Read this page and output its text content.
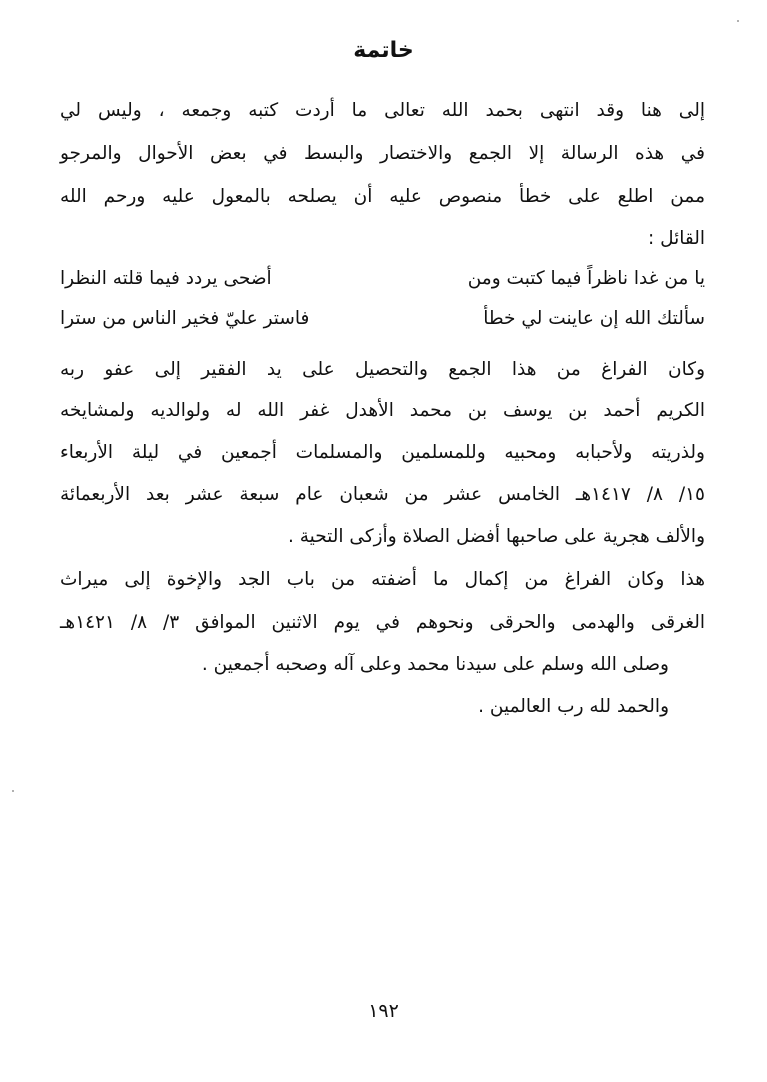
خاتمة
إلى هنا وقد انتهى بحمد الله تعالى ما أردت كتبه وجمعه ، وليس لي
في هذه الرسالة إلا الجمع والاختصار والبسط في بعض الأحوال والمرجو
ممن اطلع على خطأ منصوص عليه أن يصلحه بالمعول عليه ورحم الله
القائل :
يا من غدا ناظراً فيما كتبت ومن
أضحى يردد فيما قلته النظرا
سألتك الله إن عاينت لي خطأ
فاستر عليّ فخير الناس من سترا
وكان الفراغ من هذا الجمع والتحصيل على يد الفقير إلى عفو ربه
الكريم أحمد بن يوسف بن محمد الأهدل غفر الله له ولوالديه ولمشايخه
ولذريته ولأحبابه ومحبيه وللمسلمين والمسلمات أجمعين في ليلة الأربعاء
١٥/ ٨/ ١٤١٧هـ الخامس عشر من شعبان عام سبعة عشر بعد الأربعمائة
والألف هجرية على صاحبها أفضل الصلاة وأزكى التحية .
هذا وكان الفراغ من إكمال ما أضفته من باب الجد والإخوة إلى ميراث
الغرقى والهدمى والحرقى ونحوهم في يوم الاثنين الموافق ٣/ ٨/ ١٤٢١هـ
وصلى الله وسلم على سيدنا محمد وعلى آله وصحبه أجمعين .
والحمد لله رب العالمين .
١٩٢
